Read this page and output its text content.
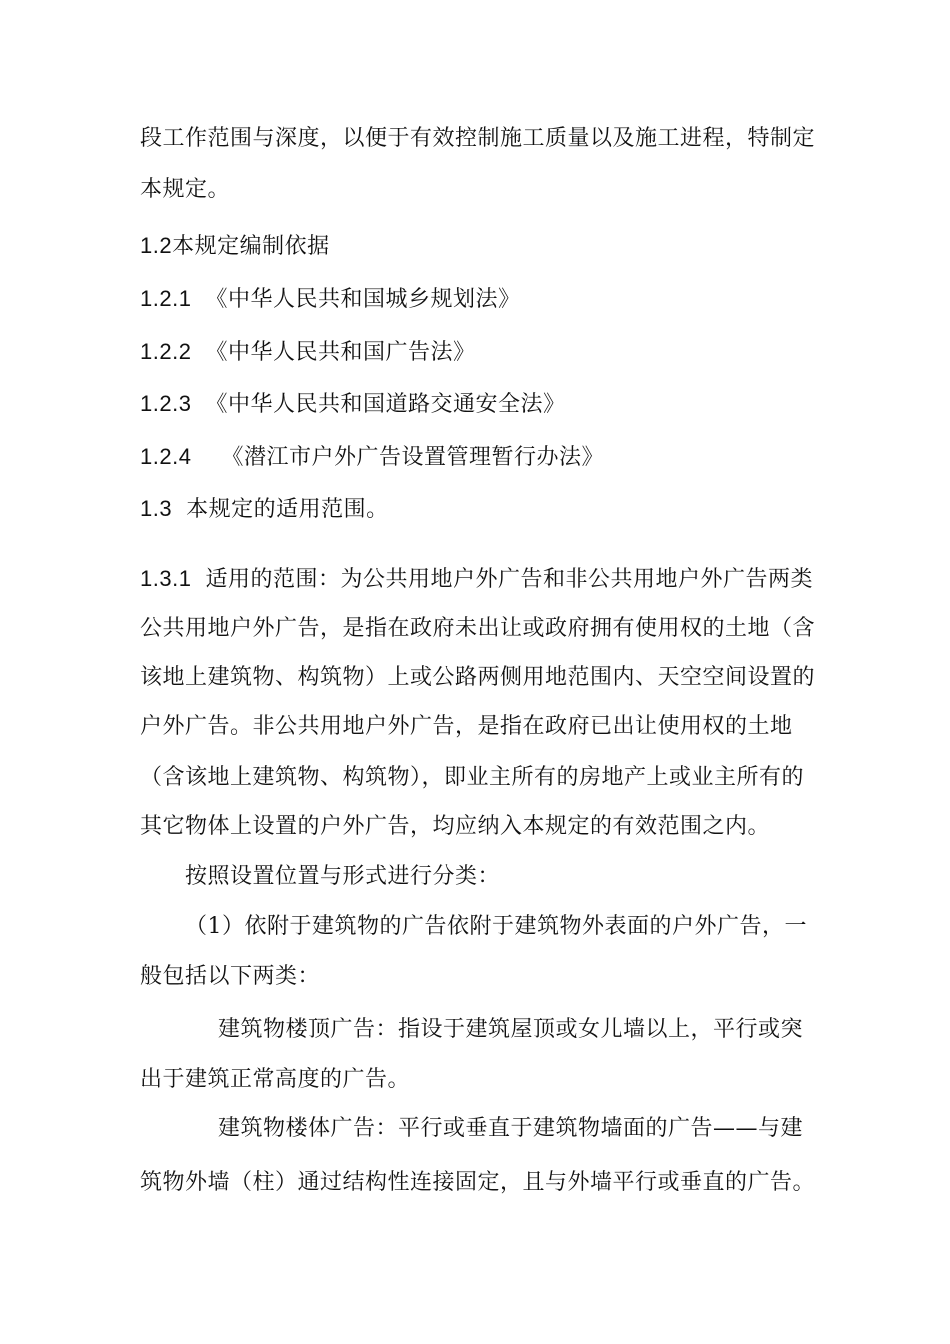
段工作范围与深度，以便于有效控制施工质量以及施工进程，特制定
本规定。
1.2本规定编制依据
1.2.1 《中华人民共和国城乡规划法》
1.2.2 《中华人民共和国广告法》
1.2.3 《中华人民共和国道路交通安全法》
1.2.4 《潜江市户外广告设置管理暂行办法》
1.3 本规定的适用范围。
1.3.1 适用的范围：为公共用地户外广告和非公共用地户外广告两类
公共用地户外广告，是指在政府未出让或政府拥有使用权的土地（含
该地上建筑物、构筑物）上或公路两侧用地范围内、天空空间设置的
户外广告。非公共用地户外广告，是指在政府已出让使用权的土地
（含该地上建筑物、构筑物），即业主所有的房地产上或业主所有的
其它物体上设置的户外广告，均应纳入本规定的有效范围之内。
按照设置位置与形式进行分类：
（1）依附于建筑物的广告依附于建筑物外表面的户外广告，一
般包括以下两类：
建筑物楼顶广告：指设于建筑屋顶或女儿墙以上，平行或突
出于建筑正常高度的广告。
建筑物楼体广告：平行或垂直于建筑物墙面的广告——与建
筑物外墙（柱）通过结构性连接固定，且与外墙平行或垂直的广告。
